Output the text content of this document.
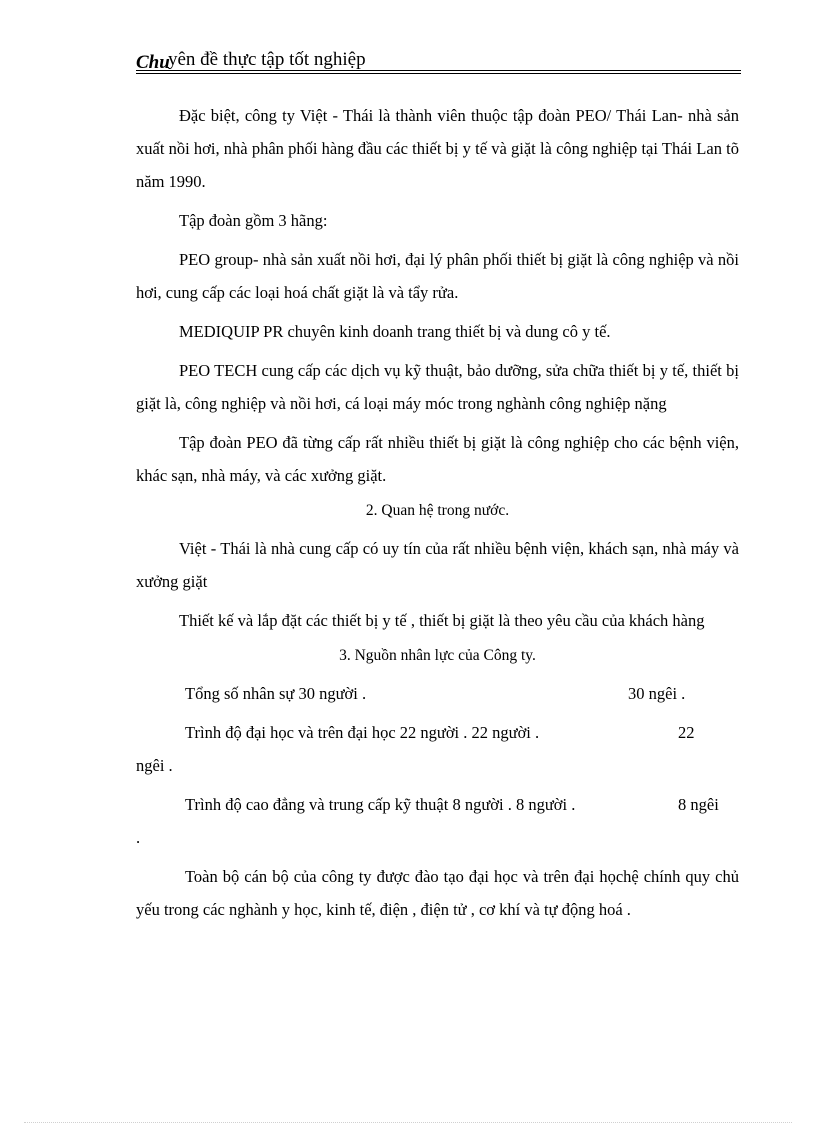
Chu
yên đề thực tập tốt nghiệp

Đặc biệt, công ty Việt - Thái là thành viên thuộc tập đoàn PEO/ Thái Lan- nhà sản xuất nồi hơi, nhà phân phối hàng đầu các thiết bị y tế và giặt là công nghiệp tại Thái Lan tõ năm 1990.

Tập đoàn gồm 3 hãng:

PEO group- nhà sản xuất nồi hơi, đại lý phân phối thiết bị giặt là công nghiệp và nồi hơi, cung cấp các loại hoá chất giặt là và tẩy rửa.

MEDIQUIP PR chuyên kinh doanh trang thiết bị và dung cô y tế.

PEO TECH cung cấp các dịch vụ kỹ thuật, bảo dưỡng, sửa chữa thiết bị y tế, thiết bị giặt là, công nghiệp và nồi hơi, cá loại máy móc trong nghành công nghiệp nặng

Tập đoàn PEO đã từng cấp rất nhiều thiết bị giặt là công nghiệp cho các bệnh viện, khác sạn, nhà máy, và các xưởng giặt.

2. Quan hệ trong nước.

Việt - Thái là nhà cung cấp có uy tín của rất nhiều bệnh viện, khách sạn, nhà máy và xưởng giặt

Thiết kế và lắp đặt các thiết bị y tế , thiết bị giặt là theo yêu cầu của khách hàng

3. Nguồn nhân lực của Công ty.
Tổng số nhân sự 30 người .	30 ngêi .
Trình độ đại học và trên đại học 22 người . 22 người .	22
ngêi .
Trình độ cao đẳng và trung cấp kỹ thuật 8 người . 8 người .	8 ngêi
.

Toàn bộ cán bộ của công ty được đào tạo đại học và trên đại họchệ chính quy chủ yếu trong các nghành y học, kinh tế, điện , điện tử , cơ khí và tự động hoá .
